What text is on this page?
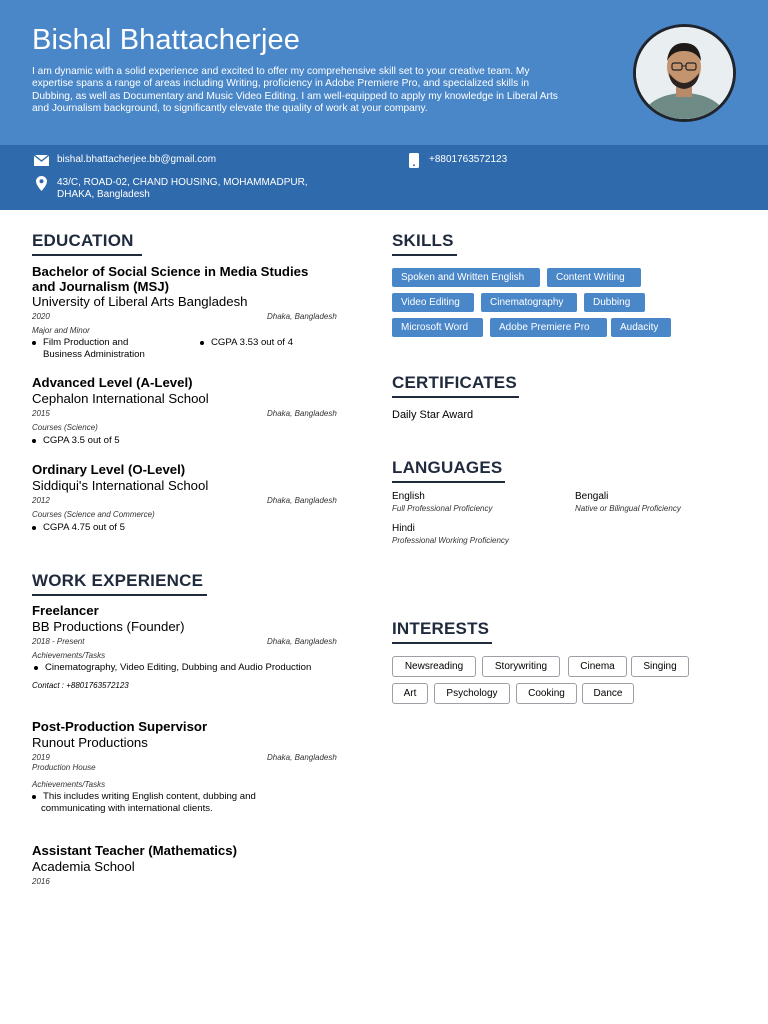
Bishal Bhattacherjee
I am dynamic with a solid experience and excited to offer my comprehensive skill set to your creative team. My expertise spans a range of areas including Writing, proficiency in Adobe Premiere Pro, and specialized skills in Dubbing, as well as Documentary and Music Video Editing. I am well-equipped to apply my knowledge in Liberal Arts and Journalism background, to significantly elevate the quality of work at your company.
bishal.bhattacherjee.bb@gmail.com	+8801763572123
43/C, ROAD-02, CHAND HOUSING, MOHAMMADPUR,
DHAKA, Bangladesh
EDUCATION
Bachelor of Social Science in Media Studies
and Journalism (MSJ)
University of Liberal Arts Bangladesh
2020	Dhaka, Bangladesh
Major and Minor
Film Production and
Business Administration
CGPA 3.53 out of 4
Advanced Level (A-Level)
Cephalon International School
2015	Dhaka, Bangladesh
Courses (Science)
CGPA 3.5 out of 5
Ordinary Level (O-Level)
Siddiqui's International School
2012	Dhaka, Bangladesh
Courses (Science and Commerce)
CGPA 4.75 out of 5
WORK EXPERIENCE
Freelancer
BB Productions (Founder)
2018 - Present	Dhaka, Bangladesh
Achievements/Tasks
Cinematography, Video Editing, Dubbing and Audio Production
Contact : +8801763572123
Post-Production Supervisor
Runout Productions
2019	Dhaka, Bangladesh
Production House
Achievements/Tasks
This includes writing English content, dubbing and
communicating with international clients.
Assistant Teacher (Mathematics)
Academia School
2016
SKILLS
Spoken and Written English	Content Writing
Video Editing	Cinematography	Dubbing
Microsoft Word	Adobe Premiere Pro	Audacity
CERTIFICATES
Daily Star Award
LANGUAGES
English
Full Professional Proficiency
Bengali
Native or Bilingual Proficiency
Hindi
Professional Working Proficiency
INTERESTS
Newsreading	Storywriting	Cinema	Singing
Art	Psychology	Cooking	Dance
